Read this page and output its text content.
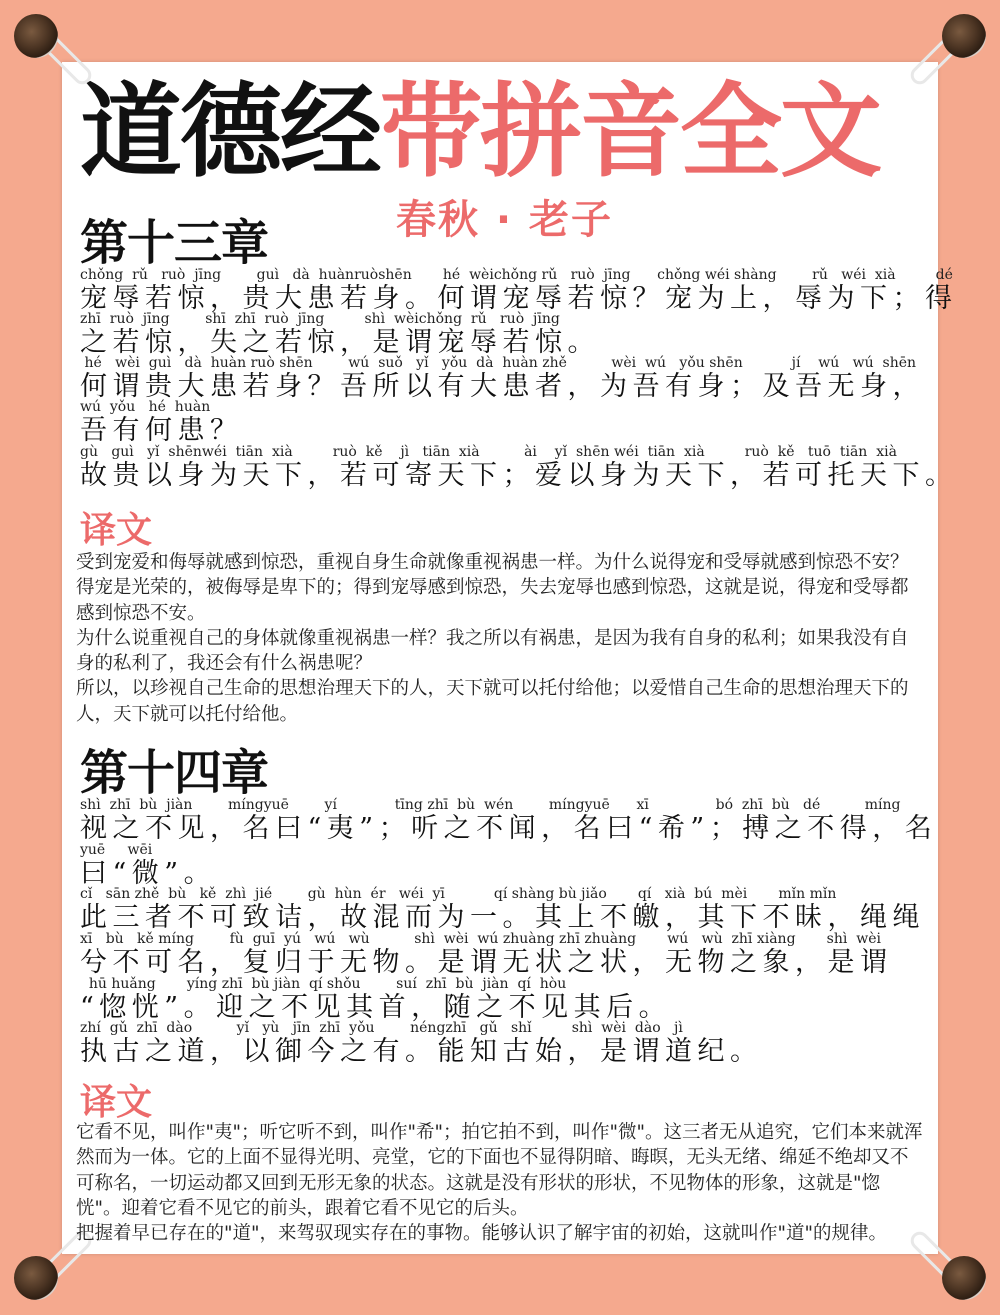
道德经带拼音全文
春秋 · 老子
第十三章
chǒng  rǔ   ruò  jīng        guì   dà  huànruòshēn       hé  wèichǒng rǔ   ruò  jīng      chǒng wéi shàng        rǔ   wéi  xià         dé
宠辱若惊，贵大患若身。何谓宠辱若惊？宠为上，辱为下；得
zhī  ruò  jīng        shī  zhī  ruò  jīng         shì  wèichǒng  rǔ   ruò  jīng
之若惊，失之若惊，是谓宠辱若惊。
hé   wèi  guì   dà  huàn ruò shēn        wú  suǒ   yǐ   yǒu  dà  huàn zhě          wèi  wú   yǒu shēn           jí    wú   wú  shēn
何谓贵大患若身？吾所以有大患者，为吾有身；及吾无身，
wú  yǒu   hé  huàn
吾有何患？
gù   guì   yǐ  shēnwéi  tiān  xià         ruò  kě    jì   tiān  xià          ài    yǐ  shēn wéi  tiān  xià         ruò  kě   tuō  tiān  xià
故贵以身为天下，若可寄天下；爱以身为天下，若可托天下。
译文

受到宠爱和侮辱就感到惊恐，重视自身生命就像重视祸患一样。为什么说得宠和受辱就感到惊恐不安？得宠是光荣的，被侮辱是卑下的；得到宠辱感到惊恐，失去宠辱也感到惊恐，这就是说，得宠和受辱都感到惊恐不安。

为什么说重视自己的身体就像重视祸患一样？我之所以有祸患，是因为我有自身的私利；如果我没有自身的私利了，我还会有什么祸患呢？

所以，以珍视自己生命的思想治理天下的人，天下就可以托付给他；以爱惜自己生命的思想治理天下的人，天下就可以托付给他。

第十四章
shì  zhī  bù  jiàn        míngyuē        yí             tīng zhī  bù  wén        míngyuē      xī               bó  zhī  bù   dé          míng
视之不见，名曰“夷”；听之不闻，名曰“希”；搏之不得，名
yuē     wēi
曰“微”。
cǐ   sān zhě  bù   kě  zhì  jié        gù  hùn  ér   wéi  yī           qí shàng bù jiǎo       qí   xià  bú  mèi       mǐn mǐn
此三者不可致诘，故混而为一。其上不皦，其下不昧，绳绳
xī   bù   kě míng        fù  guī  yú   wú   wù          shì  wèi  wú zhuàng zhī zhuàng       wú   wù  zhī xiàng       shì  wèi
兮不可名，复归于无物。是谓无状之状，无物之象，是谓
hū huǎng       yíng zhī  bù jiàn  qí shǒu        suí  zhī  bù  jiàn  qí  hòu
“惚恍”。迎之不见其首，随之不见其后。
zhí  gǔ  zhī  dào          yǐ   yù   jīn  zhī  yǒu        néngzhī   gǔ   shǐ         shì  wèi  dào   jì
执古之道，以御今之有。能知古始，是谓道纪。
译文

它看不见，叫作"夷"；听它听不到，叫作"希"；拍它拍不到，叫作"微"。这三者无从追究，它们本来就浑然而为一体。它的上面不显得光明、亮堂，它的下面也不显得阴暗、晦暝，无头无绪、绵延不绝却又不可称名，一切运动都又回到无形无象的状态。这就是没有形状的形状，不见物体的形象，这就是"惚恍"。迎着它看不见它的前头，跟着它看不见它的后头。

把握着早已存在的"道"，来驾驭现实存在的事物。能够认识了解宇宙的初始，这就叫作"道"的规律。
